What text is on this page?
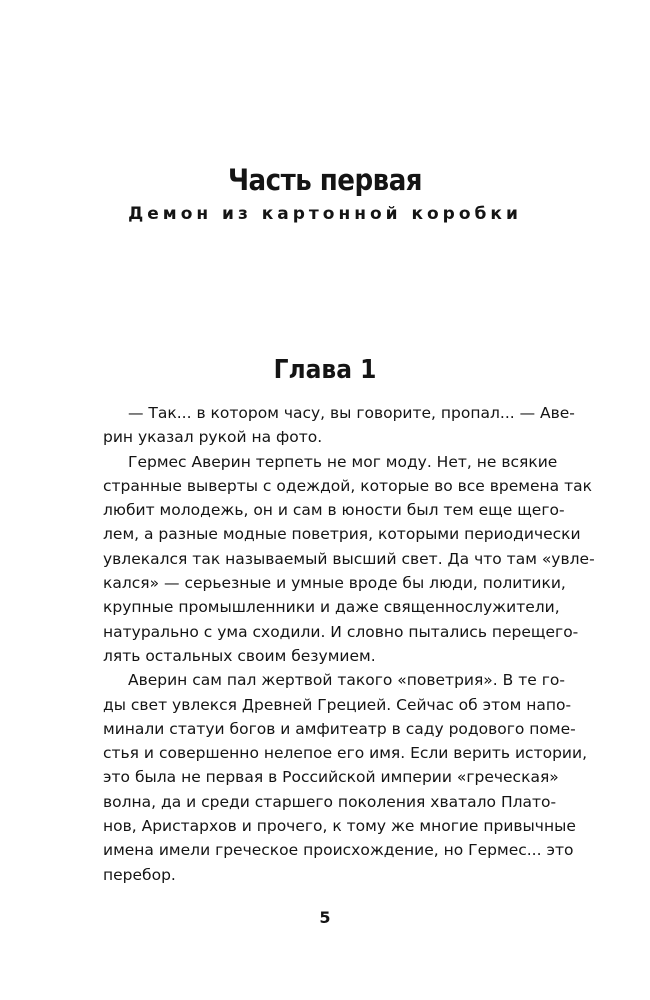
Часть первая
Демон из картонной коробки
Глава 1
— Так... в котором часу, вы говорите, пропал... — Аве-
рин указал рукой на фото.
Гермес Аверин терпеть не мог моду. Нет, не всякие
странные выверты с одеждой, которые во все времена так
любит молодежь, он и сам в юности был тем еще щего-
лем, а разные модные поветрия, которыми периодически
увлекался так называемый высший свет. Да что там «увле-
кался» — серьезные и умные вроде бы люди, политики,
крупные промышленники и даже священнослужители,
натурально с ума сходили. И словно пытались перещего-
лять остальных своим безумием.
Аверин сам пал жертвой такого «поветрия». В те го-
ды свет увлекся Древней Грецией. Сейчас об этом напо-
минали статуи богов и амфитеатр в саду родового поме-
стья и совершенно нелепое его имя. Если верить истории,
это была не первая в Российской империи «греческая»
волна, да и среди старшего поколения хватало Плато-
нов, Аристархов и прочего, к тому же многие привычные
имена имели греческое происхождение, но Гермес... это
перебор.
5
